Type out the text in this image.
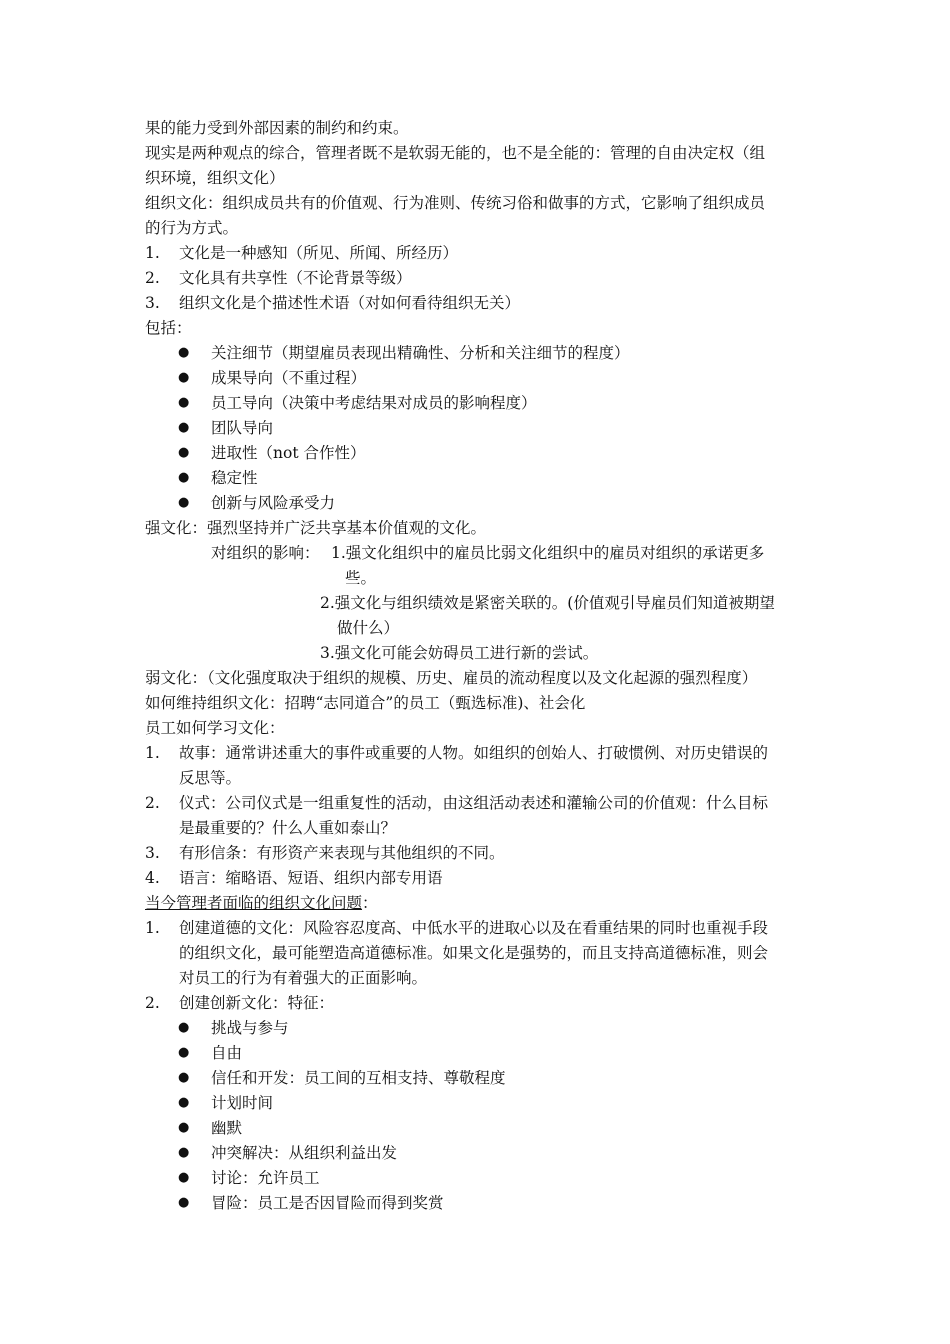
果的能力受到外部因素的制约和约束。
现实是两种观点的综合，管理者既不是软弱无能的，也不是全能的：管理的自由决定权（组
织环境，组织文化）
组织文化：组织成员共有的价值观、行为准则、传统习俗和做事的方式，它影响了组织成员
的行为方式。
1. 文化是一种感知（所见、所闻、所经历）
2. 文化具有共享性（不论背景等级）
3. 组织文化是个描述性术语（对如何看待组织无关）
包括：
● 关注细节（期望雇员表现出精确性、分析和关注细节的程度）
● 成果导向（不重过程）
● 员工导向（决策中考虑结果对成员的影响程度）
● 团队导向
● 进取性（not 合作性）
● 稳定性
● 创新与风险承受力
强文化：强烈坚持并广泛共享基本价值观的文化。
对组织的影响： 1.强文化组织中的雇员比弱文化组织中的雇员对组织的承诺更多
些。
2.强文化与组织绩效是紧密关联的。(价值观引导雇员们知道被期望
做什么）
3.强文化可能会妨碍员工进行新的尝试。
弱文化：（文化强度取决于组织的规模、历史、雇员的流动程度以及文化起源的强烈程度）
如何维持组织文化：招聘“志同道合”的员工（甄选标准)、社会化
员工如何学习文化：
1. 故事：通常讲述重大的事件或重要的人物。如组织的创始人、打破惯例、对历史错误的
反思等。
2. 仪式：公司仪式是一组重复性的活动，由这组活动表述和灌输公司的价值观：什么目标
是最重要的？什么人重如泰山？
3. 有形信条：有形资产来表现与其他组织的不同。
4. 语言：缩略语、短语、组织内部专用语
当今管理者面临的组织文化问题：
1. 创建道德的文化：风险容忍度高、中低水平的进取心以及在看重结果的同时也重视手段
的组织文化，最可能塑造高道德标准。如果文化是强势的，而且支持高道德标准，则会
对员工的行为有着强大的正面影响。
2. 创建创新文化：特征：
● 挑战与参与
● 自由
● 信任和开发：员工间的互相支持、尊敬程度
● 计划时间
● 幽默
● 冲突解决：从组织利益出发
● 讨论：允许员工
● 冒险：员工是否因冒险而得到奖赏
